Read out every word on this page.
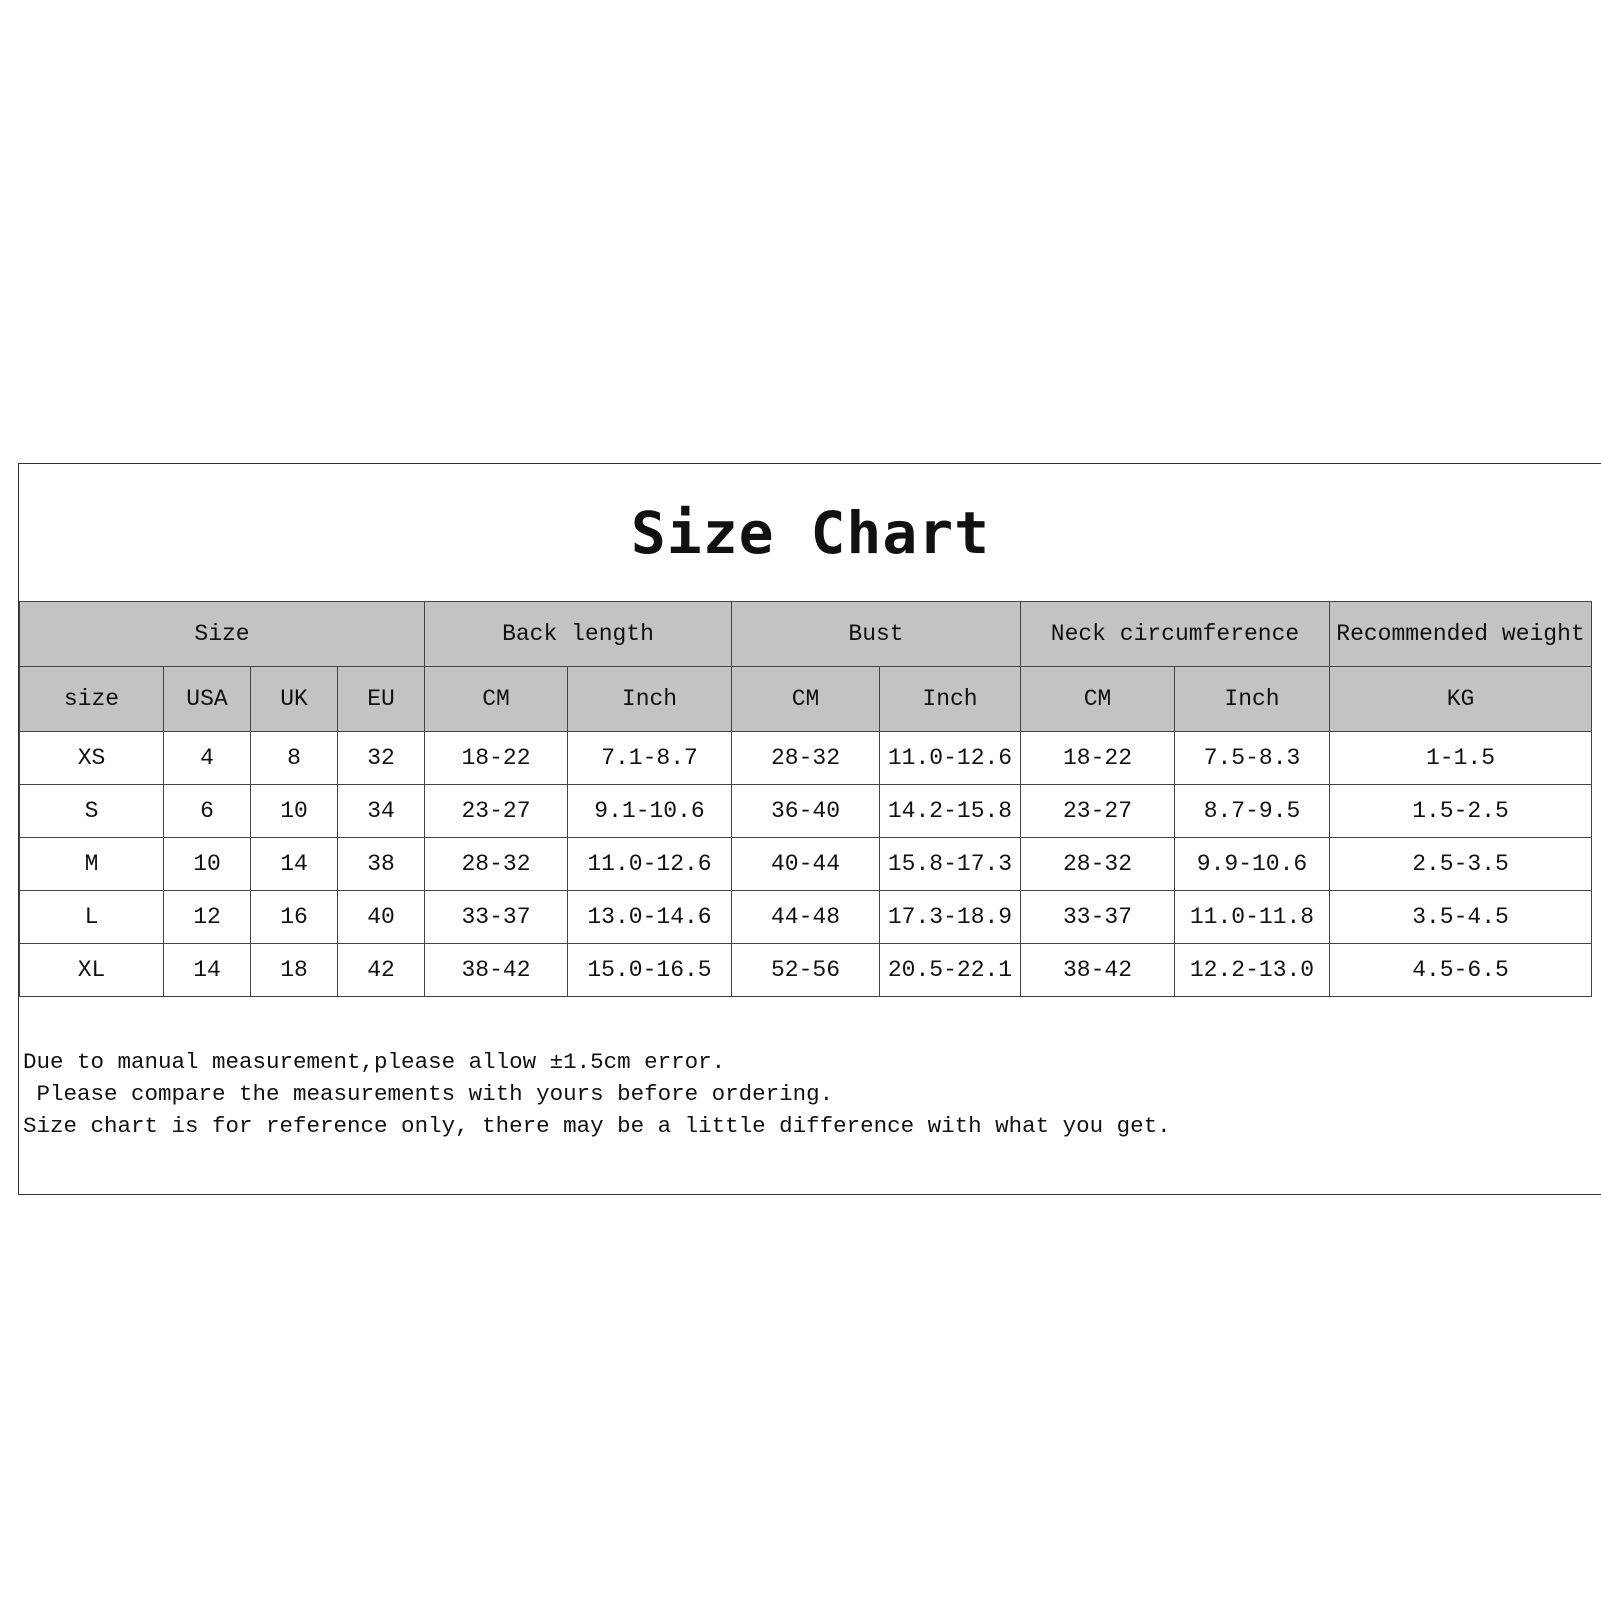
Size Chart
Size				Back length		Bust		Neck circumference		Recommended weight
size	USA	UK	EU	CM	Inch	CM	Inch	CM	Inch	KG
XS	4	8	32	18-22	7.1-8.7	28-32	11.0-12.6	18-22	7.5-8.3	1-1.5
S	6	10	34	23-27	9.1-10.6	36-40	14.2-15.8	23-27	8.7-9.5	1.5-2.5
M	10	14	38	28-32	11.0-12.6	40-44	15.8-17.3	28-32	9.9-10.6	2.5-3.5
L	12	16	40	33-37	13.0-14.6	44-48	17.3-18.9	33-37	11.0-11.8	3.5-4.5
XL	14	18	42	38-42	15.0-16.5	52-56	20.5-22.1	38-42	12.2-13.0	4.5-6.5
Due to manual measurement,please allow ±1.5cm error.
Please compare the measurements with yours before ordering.
Size chart is for reference only, there may be a little difference with what you get.
